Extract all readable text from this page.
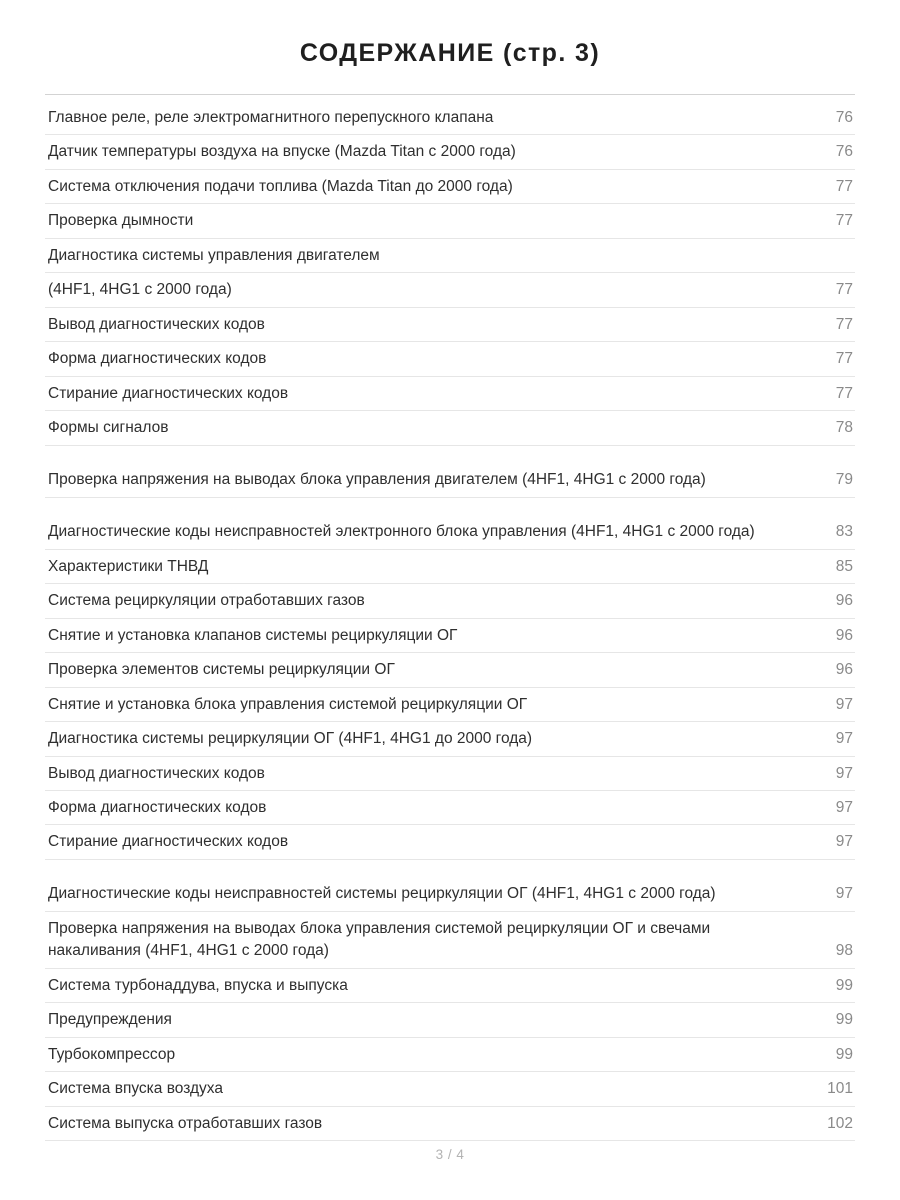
СОДЕРЖАНИЕ (стр. 3)
Главное реле, реле электромагнитного перепускного клапана	76
Датчик температуры воздуха на впуске (Mazda Titan с 2000 года)	76
Система отключения подачи топлива (Mazda Titan до 2000 года)	77
Проверка дымности	77
Диагностика системы управления двигателем
(4HF1, 4HG1 с 2000 года)	77
Вывод диагностических кодов	77
Форма диагностических кодов	77
Стирание диагностических кодов	77
Формы сигналов	78
Проверка напряжения на выводах блока управления двигателем (4HF1, 4HG1 с 2000 года)	79
Диагностические коды неисправностей электронного блока управления (4HF1, 4HG1 с 2000 года)	83
Характеристики ТНВД	85
Система рециркуляции отработавших газов	96
Снятие и установка клапанов системы рециркуляции ОГ	96
Проверка элементов системы рециркуляции ОГ	96
Снятие и установка блока управления системой рециркуляции ОГ	97
Диагностика системы рециркуляции ОГ (4HF1, 4HG1 до 2000 года)	97
Вывод диагностических кодов	97
Форма диагностических кодов	97
Стирание диагностических кодов	97
Диагностические коды неисправностей системы рециркуляции ОГ (4HF1, 4HG1 с 2000 года)	97
Проверка напряжения на выводах блока управления системой рециркуляции ОГ и свечами накаливания (4HF1, 4HG1 с 2000 года)	98
Система турбонаддува, впуска и выпуска	99
Предупреждения	99
Турбокомпрессор	99
Система впуска воздуха	101
Система выпуска отработавших газов	102
3 / 4
